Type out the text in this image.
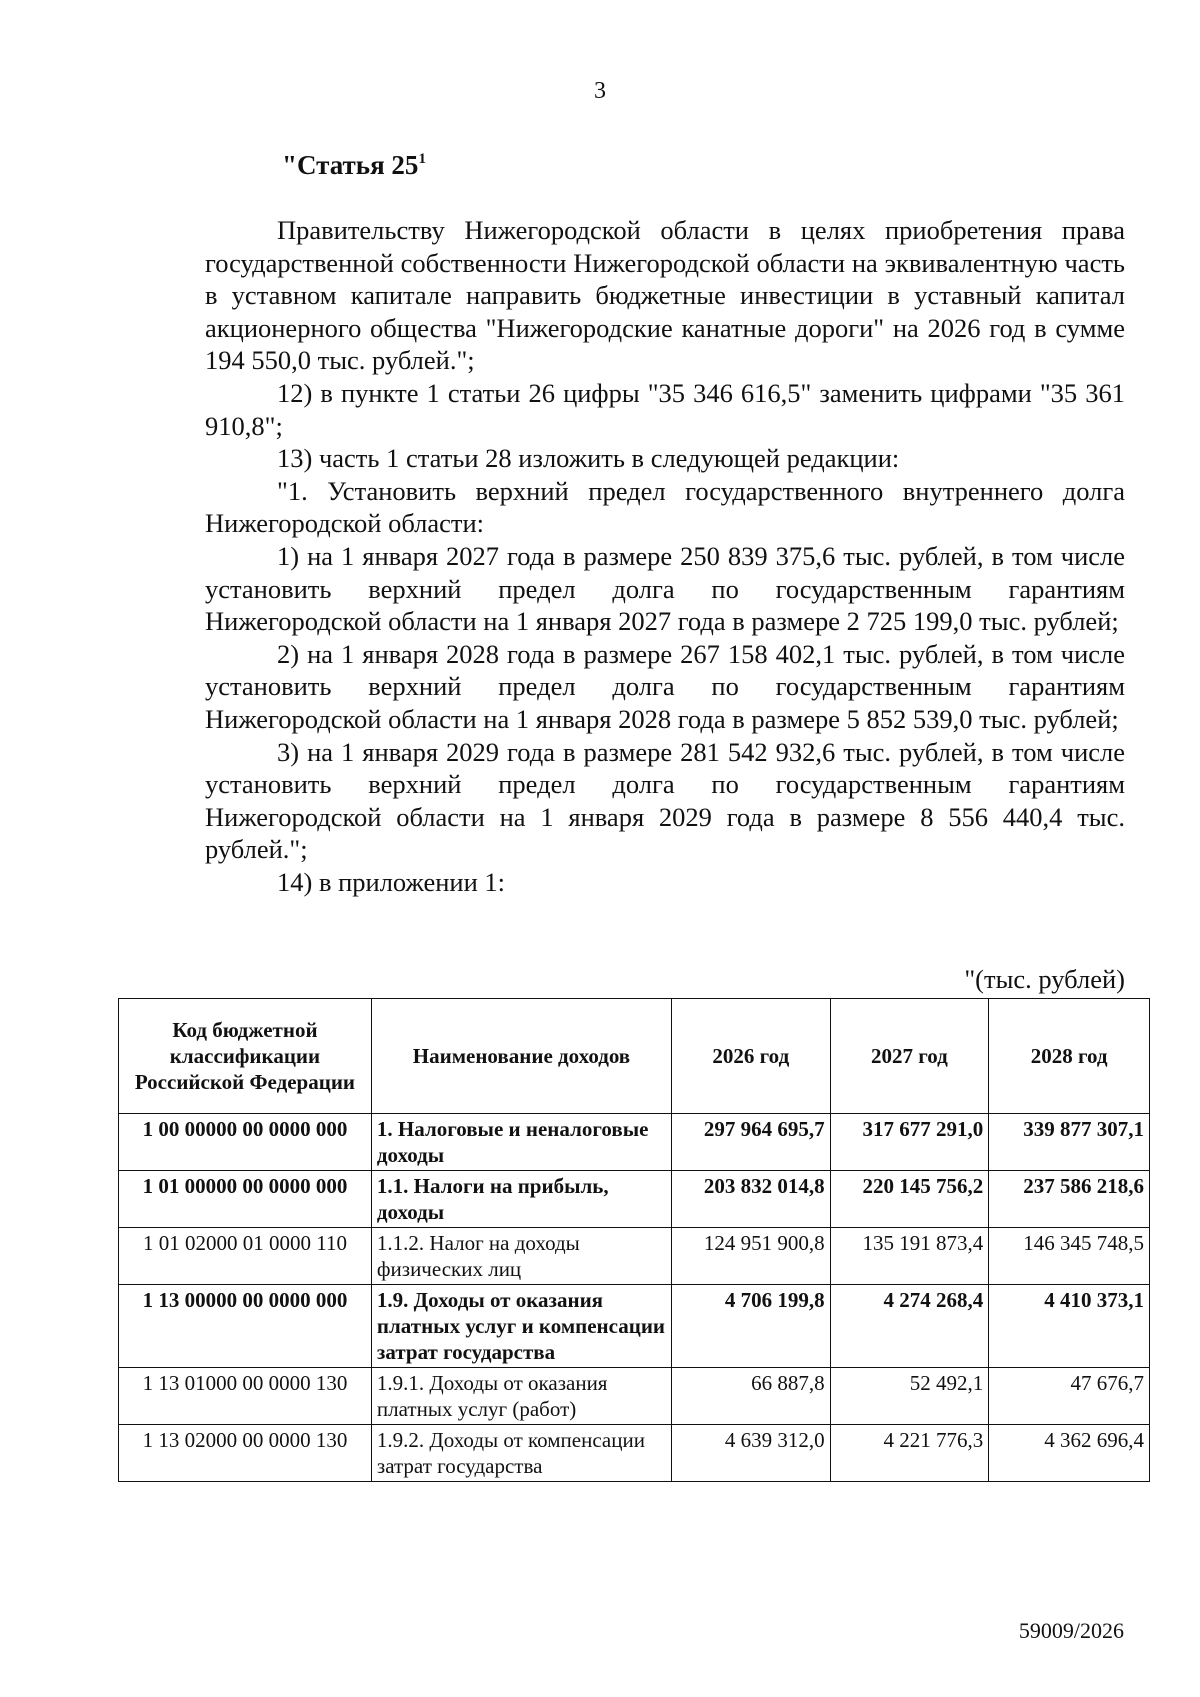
3
"Статья $25^1$

Правительству Нижегородской области в целях приобретения права государственной собственности Нижегородской области на эквивалентную часть в уставном капитале направить бюджетные инвестиции в уставный капитал акционерного общества "Нижегородские канатные дороги" на 2026 год в сумме 194 550,0 тыс. рублей.";

12) в пункте 1 статьи 26 цифры "35 346 616,5" заменить цифрами "35 361 910,8";

13) часть 1 статьи 28 изложить в следующей редакции:

"1. Установить верхний предел государственного внутреннего долга Нижегородской области:

1) на 1 января 2027 года в размере 250 839 375,6 тыс. рублей, в том числе установить верхний предел долга по государственным гарантиям Нижегородской области на 1 января 2027 года в размере 2 725 199,0 тыс. рублей;

2) на 1 января 2028 года в размере 267 158 402,1 тыс. рублей, в том числе установить верхний предел долга по государственным гарантиям Нижегородской области на 1 января 2028 года в размере 5 852 539,0 тыс. рублей;

3) на 1 января 2029 года в размере 281 542 932,6 тыс. рублей, в том числе установить верхний предел долга по государственным гарантиям Нижегородской области на 1 января 2029 года в размере 8 556 440,4 тыс. рублей.";

14) в приложении 1:

"(тыс. рублей)
Код бюджетной классификации Российской Федерации	Наименование доходов	2026 год	2027 год	2028 год
1 00 00000 00 0000 000	1. Налоговые и неналоговые доходы	297 964 695,7	317 677 291,0	339 877 307,1
1 01 00000 00 0000 000	1.1. Налоги на прибыль, доходы	203 832 014,8	220 145 756,2	237 586 218,6
1 01 02000 01 0000 110	1.1.2. Налог на доходы физических лиц	124 951 900,8	135 191 873,4	146 345 748,5
1 13 00000 00 0000 000	1.9. Доходы от оказания платных услуг и компенсации затрат государства	4 706 199,8	4 274 268,4	4 410 373,1
1 13 01000 00 0000 130	1.9.1. Доходы от оказания платных услуг (работ)	66 887,8	52 492,1	47 676,7
1 13 02000 00 0000 130	1.9.2. Доходы от компенсации затрат государства	4 639 312,0	4 221 776,3	4 362 696,4
59009/2026
